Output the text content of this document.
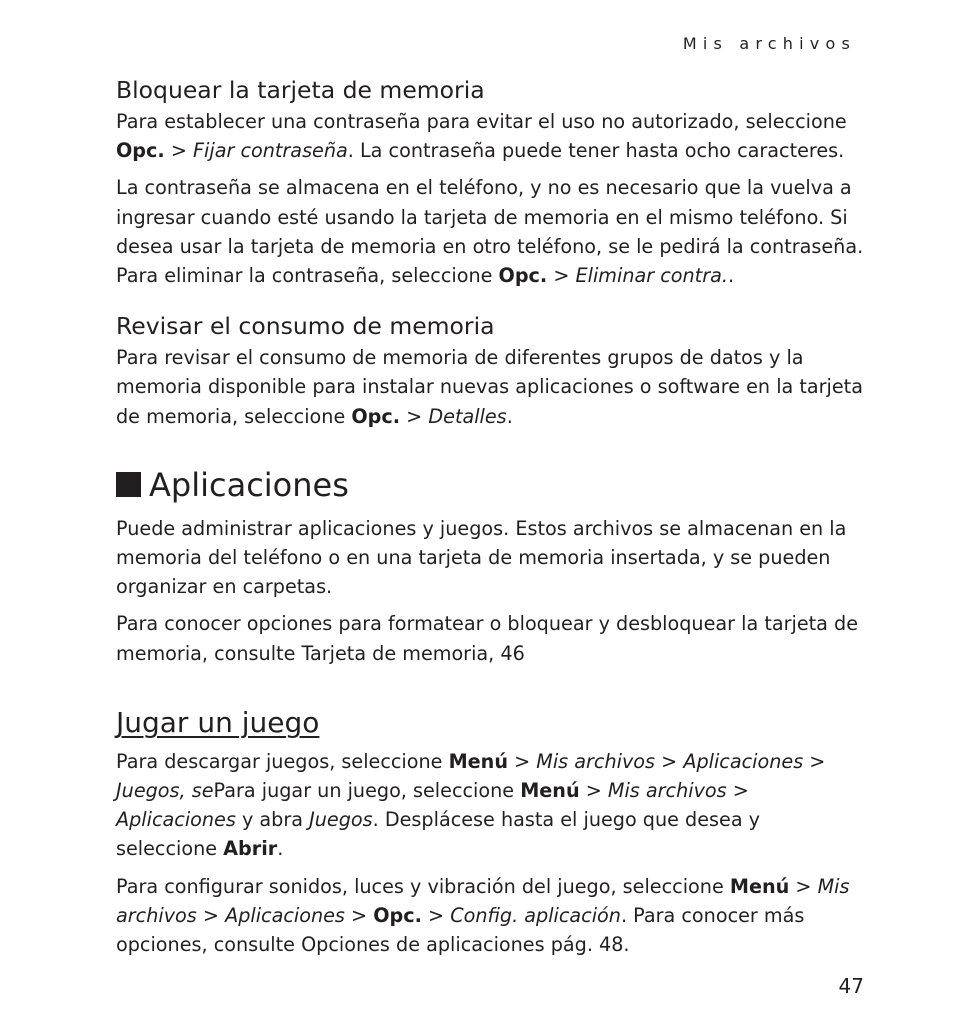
Mis archivos

Bloquear la tarjeta de memoria

Para establecer una contraseña para evitar el uso no autorizado, seleccione Opc. > Fijar contraseña. La contraseña puede tener hasta ocho caracteres.

La contraseña se almacena en el teléfono, y no es necesario que la vuelva a ingresar cuando esté usando la tarjeta de memoria en el mismo teléfono. Si desea usar la tarjeta de memoria en otro teléfono, se le pedirá la contraseña. Para eliminar la contraseña, seleccione Opc. > Eliminar contra..

Revisar el consumo de memoria

Para revisar el consumo de memoria de diferentes grupos de datos y la memoria disponible para instalar nuevas aplicaciones o software en la tarjeta de memoria, seleccione Opc. > Detalles.

Aplicaciones

Puede administrar aplicaciones y juegos. Estos archivos se almacenan en la memoria del teléfono o en una tarjeta de memoria insertada, y se pueden organizar en carpetas.

Para conocer opciones para formatear o bloquear y desbloquear la tarjeta de memoria, consulte Tarjeta de memoria, 46

Jugar un juego

Para descargar juegos, seleccione Menú > Mis archivos > Aplicaciones > Juegos, sePara jugar un juego, seleccione Menú > Mis archivos > Aplicaciones y abra Juegos. Desplácese hasta el juego que desea y seleccione Abrir.

Para configurar sonidos, luces y vibración del juego, seleccione Menú > Mis archivos > Aplicaciones > Opc. > Config. aplicación. Para conocer más opciones, consulte Opciones de aplicaciones pág. 48.

47
